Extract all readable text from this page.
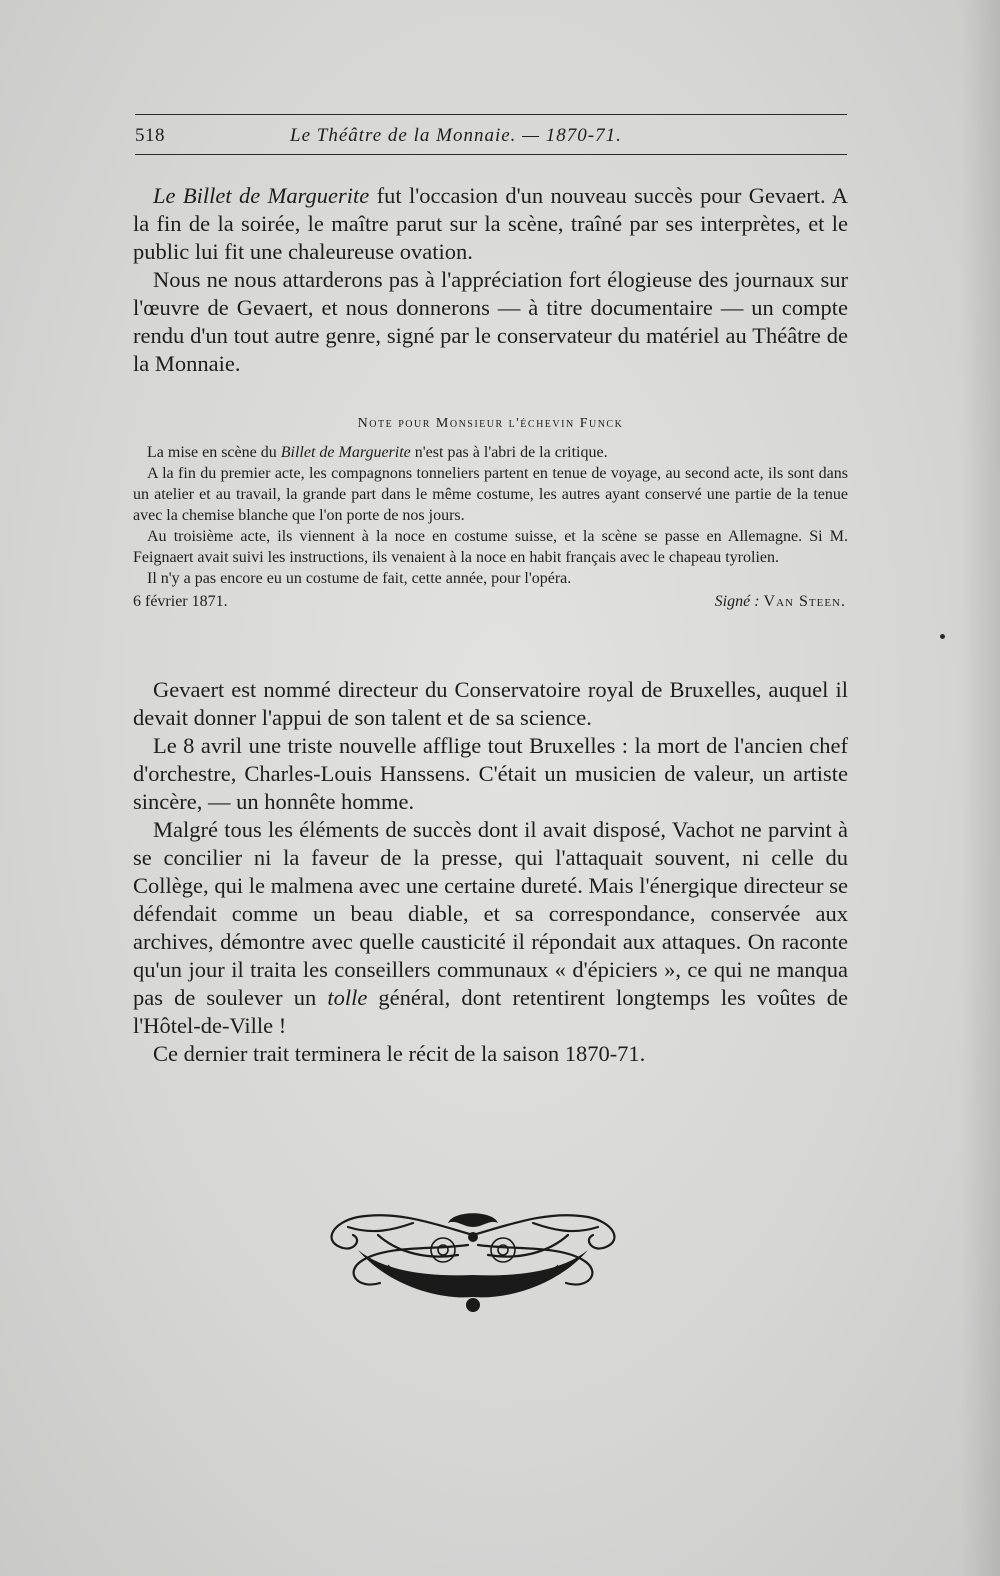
518	Le Théâtre de la Monnaie. — 1870-71.

Le Billet de Marguerite fut l'occasion d'un nouveau succès pour Gevaert. A la fin de la soirée, le maître parut sur la scène, traîné par ses interprètes, et le public lui fit une chaleureuse ovation.

Nous ne nous attarderons pas à l'appréciation fort élogieuse des journaux sur l'œuvre de Gevaert, et nous donnerons — à titre documentaire — un compte rendu d'un tout autre genre, signé par le conservateur du matériel au Théâtre de la Monnaie.

Note pour Monsieur l'échevin Funck

La mise en scène du Billet de Marguerite n'est pas à l'abri de la critique.

A la fin du premier acte, les compagnons tonneliers partent en tenue de voyage, au second acte, ils sont dans un atelier et au travail, la grande part dans le même costume, les autres ayant conservé une partie de la tenue avec la chemise blanche que l'on porte de nos jours.

Au troisième acte, ils viennent à la noce en costume suisse, et la scène se passe en Allemagne. Si M. Feignaert avait suivi les instructions, ils venaient à la noce en habit français avec le chapeau tyrolien.

Il n'y a pas encore eu un costume de fait, cette année, pour l'opéra.

6 février 1871.	Signé : Van Steen.

Gevaert est nommé directeur du Conservatoire royal de Bruxelles, auquel il devait donner l'appui de son talent et de sa science.

Le 8 avril une triste nouvelle afflige tout Bruxelles : la mort de l'ancien chef d'orchestre, Charles-Louis Hanssens. C'était un musicien de valeur, un artiste sincère, — un honnête homme.

Malgré tous les éléments de succès dont il avait disposé, Vachot ne parvint à se concilier ni la faveur de la presse, qui l'attaquait souvent, ni celle du Collège, qui le malmena avec une certaine dureté. Mais l'énergique directeur se défendait comme un beau diable, et sa correspondance, conservée aux archives, démontre avec quelle causticité il répondait aux attaques. On raconte qu'un jour il traita les conseillers communaux « d'épiciers », ce qui ne manqua pas de soulever un tolle général, dont retentirent longtemps les voûtes de l'Hôtel-de-Ville !

Ce dernier trait terminera le récit de la saison 1870-71.
